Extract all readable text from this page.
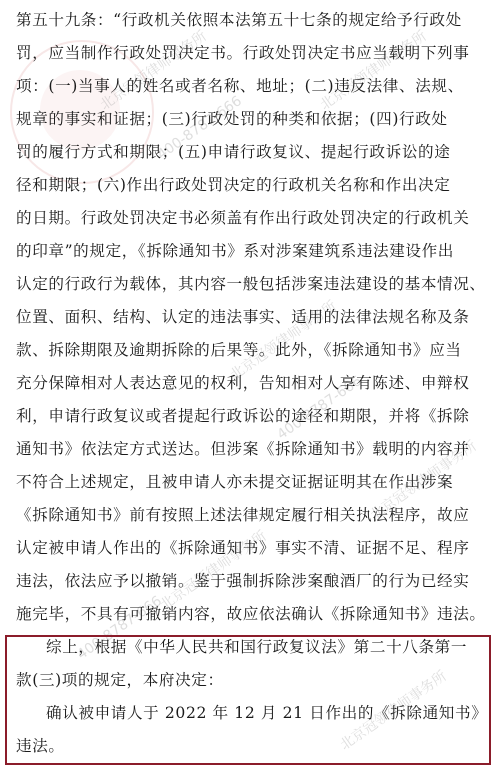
北京冠领律师事务所	北京冠领律师事务所
400-8787-666
北京冠领律师事务所
400-8787-666
北京冠领律师事务所
北京冠领律师事务所
400-8787-666
北京冠领律师事务所
第五十九条：“行政机关依照本法第五十七条的规定给予行政处
罚，应当制作行政处罚决定书。行政处罚决定书应当载明下列事
项：(一)当事人的姓名或者名称、地址；(二)违反法律、法规、
规章的事实和证据；(三)行政处罚的种类和依据；(四)行政处
罚的履行方式和期限；(五)申请行政复议、提起行政诉讼的途
径和期限；(六)作出行政处罚决定的行政机关名称和作出决定
的日期。行政处罚决定书必须盖有作出行政处罚决定的行政机关
的印章”的规定，《拆除通知书》系对涉案建筑系违法建设作出
认定的行政行为载体，其内容一般包括涉案违法建设的基本情况、
位置、面积、结构、认定的违法事实、适用的法律法规名称及条
款、拆除期限及逾期拆除的后果等。此外，《拆除通知书》应当
充分保障相对人表达意见的权利，告知相对人享有陈述、申辩权
利，申请行政复议或者提起行政诉讼的途径和期限，并将《拆除
通知书》依法定方式送达。但涉案《拆除通知书》载明的内容并
不符合上述规定，且被申请人亦未提交证据证明其在作出涉案
《拆除通知书》前有按照上述法律规定履行相关执法程序，故应
认定被申请人作出的《拆除通知书》事实不清、证据不足、程序
违法，依法应予以撤销。鉴于强制拆除涉案酿酒厂的行为已经实
施完毕，不具有可撤销内容，故应依法确认《拆除通知书》违法。
综上，根据《中华人民共和国行政复议法》第二十八条第一
款(三)项的规定，本府决定：
确认被申请人于 2022 年 12 月 21 日作出的《拆除通知书》
违法。
